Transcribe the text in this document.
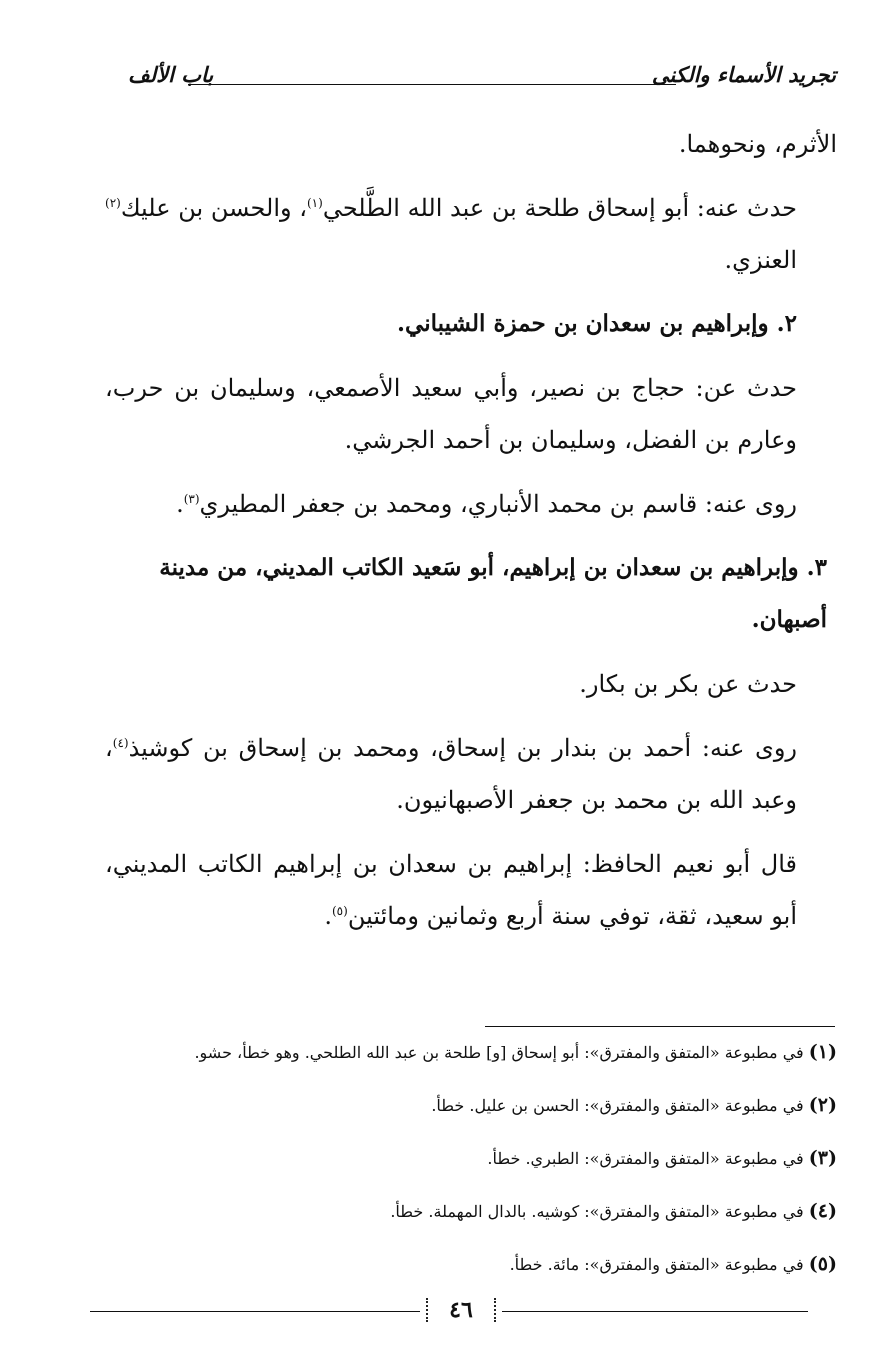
تجريد الأسماء والكنى
باب الألف

الأثرم، ونحوهما.

حدث عنه: أبو إسحاق طلحة بن عبد الله الطَّلحي$^{(١)}$، والحسن بن عليك$^{(٢)}$ العنزي.

٢. وإبراهيم بن سعدان بن حمزة الشيباني.

حدث عن: حجاج بن نصير، وأبي سعيد الأصمعي، وسليمان بن حرب، وعارم بن الفضل، وسليمان بن أحمد الجرشي.

روى عنه: قاسم بن محمد الأنباري، ومحمد بن جعفر المطيري$^{(٣)}$.

٣. وإبراهيم بن سعدان بن إبراهيم، أبو سَعيد الكاتب المديني، من مدينة أصبهان.

حدث عن بكر بن بكار.

روى عنه: أحمد بن بندار بن إسحاق، ومحمد بن إسحاق بن كوشيذ$^{(٤)}$، وعبد الله بن محمد بن جعفر الأصبهانيون.

قال أبو نعيم الحافظ: إبراهيم بن سعدان بن إبراهيم الكاتب المديني، أبو سعيد، ثقة، توفي سنة أربع وثمانين ومائتين$^{(٥)}$.

(١) في مطبوعة «المتفق والمفترق»: أبو إسحاق [و] طلحة بن عبد الله الطلحي. وهو خطأ، حشو.

(٢) في مطبوعة «المتفق والمفترق»: الحسن بن عليل. خطأ.

(٣) في مطبوعة «المتفق والمفترق»: الطبري. خطأ.

(٤) في مطبوعة «المتفق والمفترق»: كوشيه. بالدال المهملة. خطأ.

(٥) في مطبوعة «المتفق والمفترق»: مائة. خطأ.

٤٦
